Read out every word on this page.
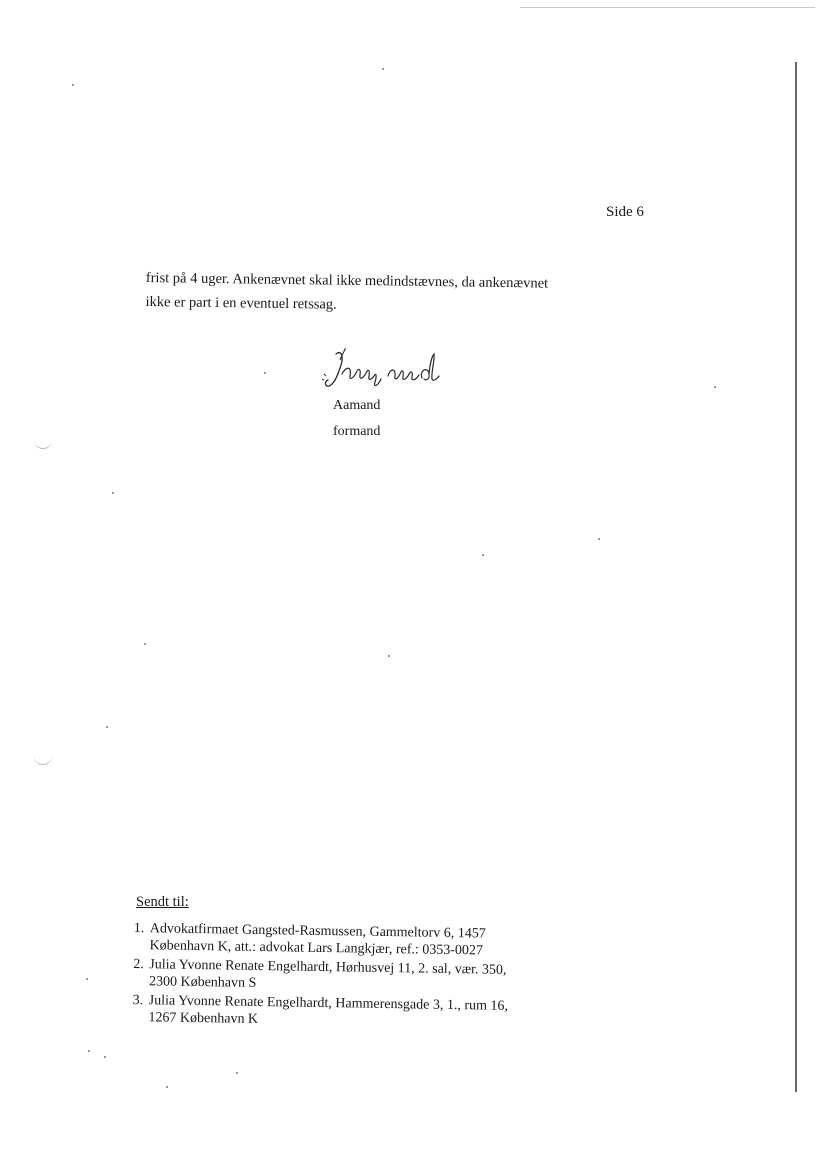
Side 6

frist på 4 uger. Ankenævnet skal ikke medindstævnes, da ankenævnet

ikke er part i en eventuel retssag.

Aamand
formand
Sendt til:
1. Advokatfirmaet Gangsted-Rasmussen, Gammeltorv 6, 1457
København K, att.: advokat Lars Langkjær, ref.: 0353-0027
2. Julia Yvonne Renate Engelhardt, Hørhusvej 11, 2. sal, vær. 350,
2300 København S
3. Julia Yvonne Renate Engelhardt, Hammerensgade 3, 1., rum 16,
1267 København K
